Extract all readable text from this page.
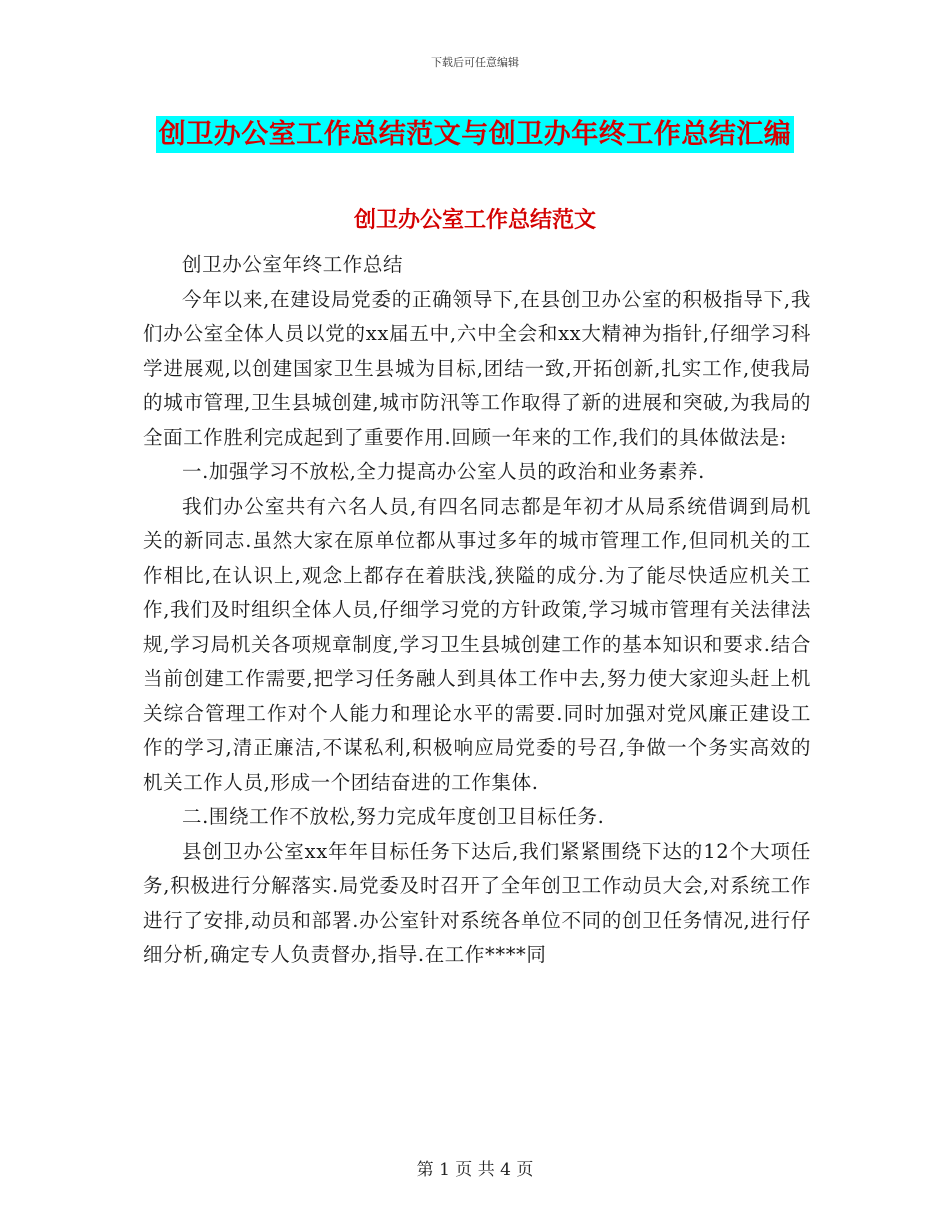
下载后可任意编辑
创卫办公室工作总结范文与创卫办年终工作总结汇编
创卫办公室工作总结范文

创卫办公室年终工作总结

今年以来,在建设局党委的正确领导下,在县创卫办公室的积极指导下,我们办公室全体人员以党的xx届五中,六中全会和xx大精神为指针,仔细学习科学进展观,以创建国家卫生县城为目标,团结一致,开拓创新,扎实工作,使我局的城市管理,卫生县城创建,城市防汛等工作取得了新的进展和突破,为我局的全面工作胜利完成起到了重要作用.回顾一年来的工作,我们的具体做法是:

一.加强学习不放松,全力提高办公室人员的政治和业务素养.

我们办公室共有六名人员,有四名同志都是年初才从局系统借调到局机关的新同志.虽然大家在原单位都从事过多年的城市管理工作,但同机关的工作相比,在认识上,观念上都存在着肤浅,狭隘的成分.为了能尽快适应机关工作,我们及时组织全体人员,仔细学习党的方针政策,学习城市管理有关法律法规,学习局机关各项规章制度,学习卫生县城创建工作的基本知识和要求.结合当前创建工作需要,把学习任务融人到具体工作中去,努力使大家迎头赶上机关综合管理工作对个人能力和理论水平的需要.同时加强对党风廉正建设工作的学习,清正廉洁,不谋私利,积极响应局党委的号召,争做一个务实高效的机关工作人员,形成一个团结奋进的工作集体.

二.围绕工作不放松,努力完成年度创卫目标任务.

县创卫办公室xx年年目标任务下达后,我们紧紧围绕下达的12个大项任务,积极进行分解落实.局党委及时召开了全年创卫工作动员大会,对系统工作进行了安排,动员和部署.办公室针对系统各单位不同的创卫任务情况,进行仔细分析,确定专人负责督办,指导.在工作****同

第 1 页 共 4 页
